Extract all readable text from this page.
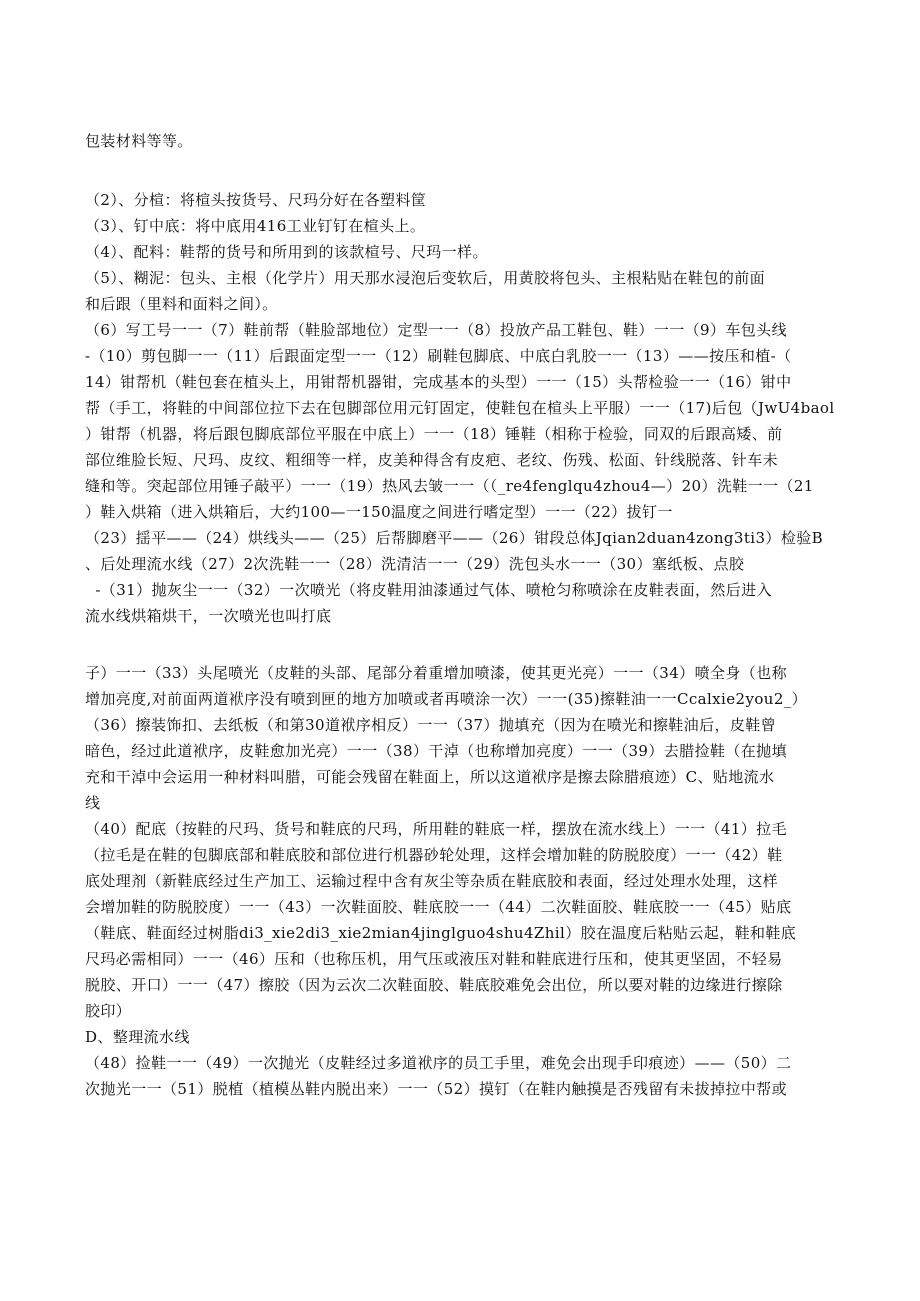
包装材料等等。
（2）、分楦：将楦头按货号、尺玛分好在各塑料筐
（3）、钉中底：将中底用416工业钉钉在楦头上。
（4）、配料：鞋帮的货号和所用到的该款楦号、尺玛一样。
（5）、糊泥：包头、主根（化学片）用天那水浸泡后变软后，用黄胶将包头、主根粘贴在鞋包的前面
和后跟（里料和面料之间）。
（6）写工号一一（7）鞋前帮（鞋脸部地位）定型一一（8）投放产品工鞋包、鞋）一一（9）车包头线
-（10）剪包脚一一（11）后跟面定型一一（12）刷鞋包脚底、中底白乳胶一一（13）——按压和植-（
14）钳帮机（鞋包套在植头上，用钳帮机器钳，完成基本的头型）一一（15）头帮检验一一（16）钳中
帮（手工，将鞋的中间部位拉下去在包脚部位用元钉固定，使鞋包在楦头上平服）一一（17)后包（JwU4baol
）钳帮（机器，将后跟包脚底部位平服在中底上）一一（18）锤鞋（相称于检验，同双的后跟高矮、前
部位维脸长短、尺玛、皮纹、粗细等一样，皮美种得含有皮疤、老纹、伤残、松面、针线脱落、针车未
缝和等。突起部位用锤子敲平）一一（19）热风去皱一一（（_re4fenglqu4zhou4—）20）洗鞋一一（21
）鞋入烘箱（进入烘箱后，大约100—一150温度之间进行嗜定型）一一（22）拔钉一
（23）揺平——（24）烘线头——（25）后帮脚磨平——（26）钳段总体Jqian2duan4zong3ti3）检验B
、后处理流水线（27）2次洗鞋一一（28）洗清洁一一（29）洗包头水一一（30）塞纸板、点胶
-（31）抛灰尘一一（32）一次喷光（将皮鞋用油漆通过气体、喷枪匀称喷涂在皮鞋表面，然后进入
流水线烘箱烘干，一次喷光也叫打底
子）一一（33）头尾喷光（皮鞋的头部、尾部分着重增加喷漆，使其更光亮）一一（34）喷全身（也称
增加亮度,对前面两道袱序没有喷到匣的地方加喷或者再喷涂一次）一一(35)擦鞋油一一Ccalxie2you2_）
（36）擦装饰扣、去纸板（和第30道袱序相反）一一（37）抛填充（因为在喷光和擦鞋油后，皮鞋曾
暗色，经过此道袱序，皮鞋愈加光亮）一一（38）干淖（也称增加亮度）一一（39）去腊捡鞋（在抛填
充和干淖中会运用一种材料叫腊，可能会残留在鞋面上，所以这道袱序是擦去除腊痕迹）C、贴地流水
线
（40）配底（按鞋的尺玛、货号和鞋底的尺玛，所用鞋的鞋底一样，摆放在流水线上）一一（41）拉毛
（拉毛是在鞋的包脚底部和鞋底胶和部位进行机器砂轮处理，这样会增加鞋的防脱胶度）一一（42）鞋
底处理剂（新鞋底经过生产加工、运输过程中含有灰尘等杂质在鞋底胶和表面，经过处理水处理，这样
会增加鞋的防脱胶度）一一（43）一次鞋面胶、鞋底胶一一（44）二次鞋面胶、鞋底胶一一（45）贴底
（鞋底、鞋面经过树脂di3_xie2di3_xie2mian4jinglguo4shu4Zhil）胶在温度后粘贴云起，鞋和鞋底
尺玛必需相同）一一（46）压和（也称压机，用气压或液压对鞋和鞋底进行压和，使其更坚固，不轻易
脱胶、开口）一一（47）擦胶（因为云次二次鞋面胶、鞋底胶难免会出位，所以要对鞋的边缘进行擦除
胶印）
D、整理流水线
（48）捡鞋一一（49）一次抛光（皮鞋经过多道袱序的员工手里，难免会出现手印痕迹）——（50）二
次抛光一一（51）脱植（植模丛鞋内脱出来）一一（52）摸钉（在鞋内触摸是否残留有未拔掉拉中帮或
